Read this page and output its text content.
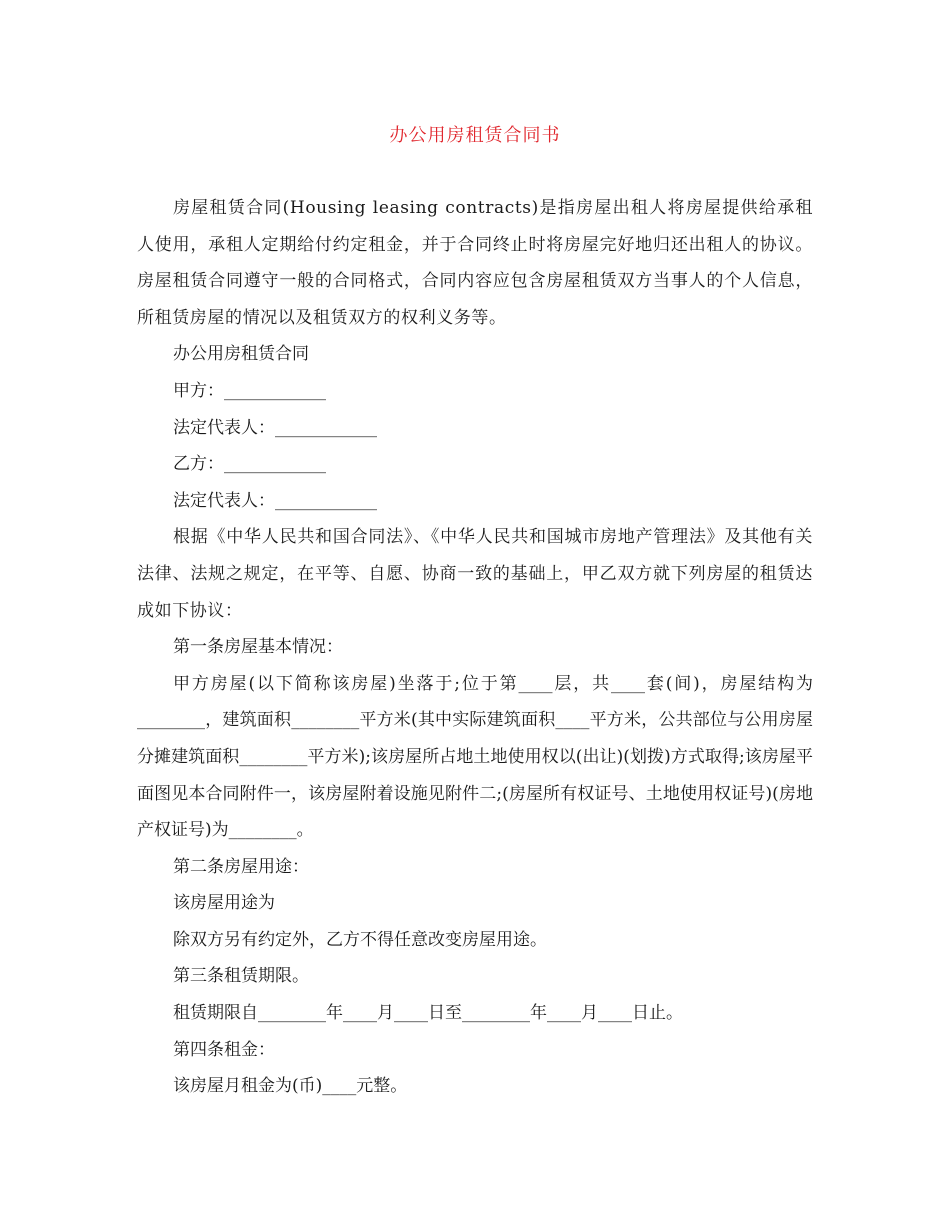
办公用房租赁合同书

房屋租赁合同(Housing leasing contracts)是指房屋出租人将房屋提供给承租人使用，承租人定期给付约定租金，并于合同终止时将房屋完好地归还出租人的协议。房屋租赁合同遵守一般的合同格式，合同内容应包含房屋租赁双方当事人的个人信息，所租赁房屋的情况以及租赁双方的权利义务等。

办公用房租赁合同

甲方：____________

法定代表人：____________

乙方：____________

法定代表人：____________

根据《中华人民共和国合同法》、《中华人民共和国城市房地产管理法》及其他有关法律、法规之规定，在平等、自愿、协商一致的基础上，甲乙双方就下列房屋的租赁达成如下协议：

第一条房屋基本情况：

甲方房屋(以下简称该房屋)坐落于;位于第____层，共____套(间)，房屋结构为________，建筑面积________平方米(其中实际建筑面积____平方米，公共部位与公用房屋分摊建筑面积________平方米);该房屋所占地土地使用权以(出让)(划拨)方式取得;该房屋平面图见本合同附件一，该房屋附着设施见附件二;(房屋所有权证号、土地使用权证号)(房地产权证号)为________。

第二条房屋用途：

该房屋用途为

除双方另有约定外，乙方不得任意改变房屋用途。

第三条租赁期限。

租赁期限自________年____月____日至________年____月____日止。

第四条租金：

该房屋月租金为(币)____元整。
